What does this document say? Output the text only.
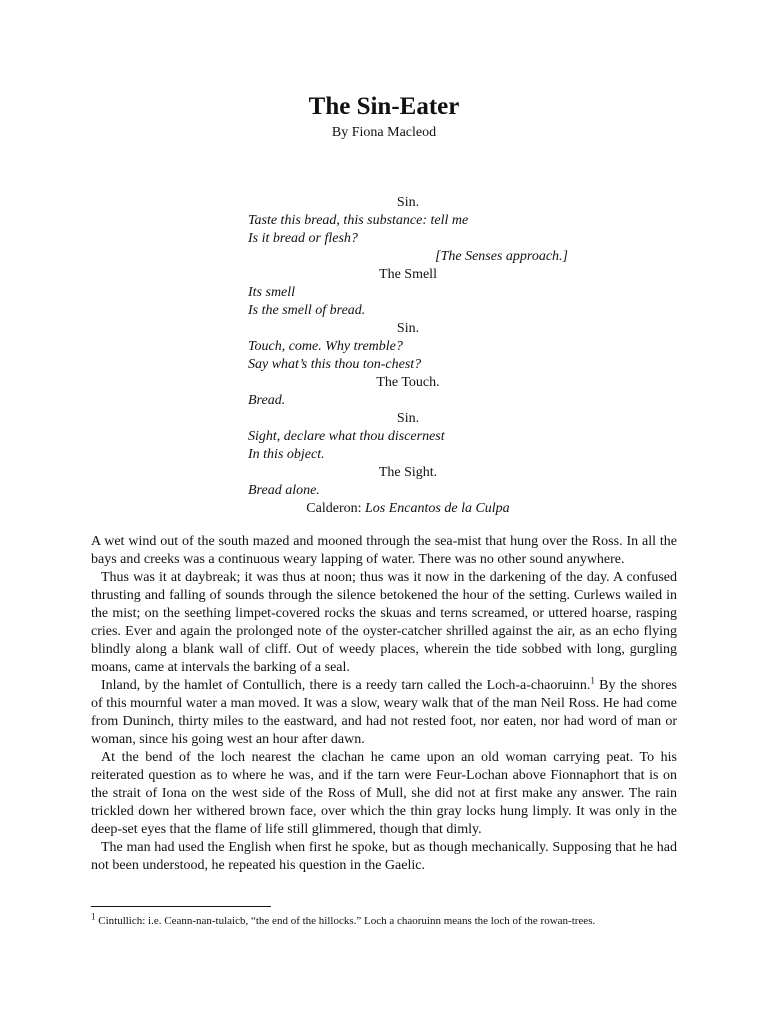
The Sin-Eater
By Fiona Macleod
Sin.
Taste this bread, this substance: tell me
Is it bread or flesh?
[The Senses approach.]
The Smell
Its smell
Is the smell of bread.
Sin.
Touch, come. Why tremble?
Say what’s this thou ton-chest?
The Touch.
Bread.
Sin.
Sight, declare what thou discernest
In this object.
The Sight.
Bread alone.
Calderon: Los Encantos de la Culpa

A wet wind out of the south mazed and mooned through the sea-mist that hung over the Ross. In all the bays and creeks was a continuous weary lapping of water. There was no other sound anywhere.

Thus was it at daybreak; it was thus at noon; thus was it now in the darkening of the day. A confused thrusting and falling of sounds through the silence betokened the hour of the setting. Curlews wailed in the mist; on the seething limpet-covered rocks the skuas and terns screamed, or uttered hoarse, rasping cries. Ever and again the prolonged note of the oyster-catcher shrilled against the air, as an echo flying blindly along a blank wall of cliff. Out of weedy places, wherein the tide sobbed with long, gurgling moans, came at intervals the barking of a seal.

Inland, by the hamlet of Contullich, there is a reedy tarn called the Loch-a-chaoruinn.$^1$ By the shores of this mournful water a man moved. It was a slow, weary walk that of the man Neil Ross. He had come from Duninch, thirty miles to the eastward, and had not rested foot, nor eaten, nor had word of man or woman, since his going west an hour after dawn.

At the bend of the loch nearest the clachan he came upon an old woman carrying peat. To his reiterated question as to where he was, and if the tarn were Feur-Lochan above Fionnaphort that is on the strait of Iona on the west side of the Ross of Mull, she did not at first make any answer. The rain trickled down her withered brown face, over which the thin gray locks hung limply. It was only in the deep-set eyes that the flame of life still glimmered, though that dimly.

The man had used the English when first he spoke, but as though mechanically. Supposing that he had not been understood, he repeated his question in the Gaelic.

$^1$ Cintullich: i.e. Ceann-nan-tulaicb, “the end of the hillocks.” Loch a chaoruinn means the loch of the rowan-trees.
